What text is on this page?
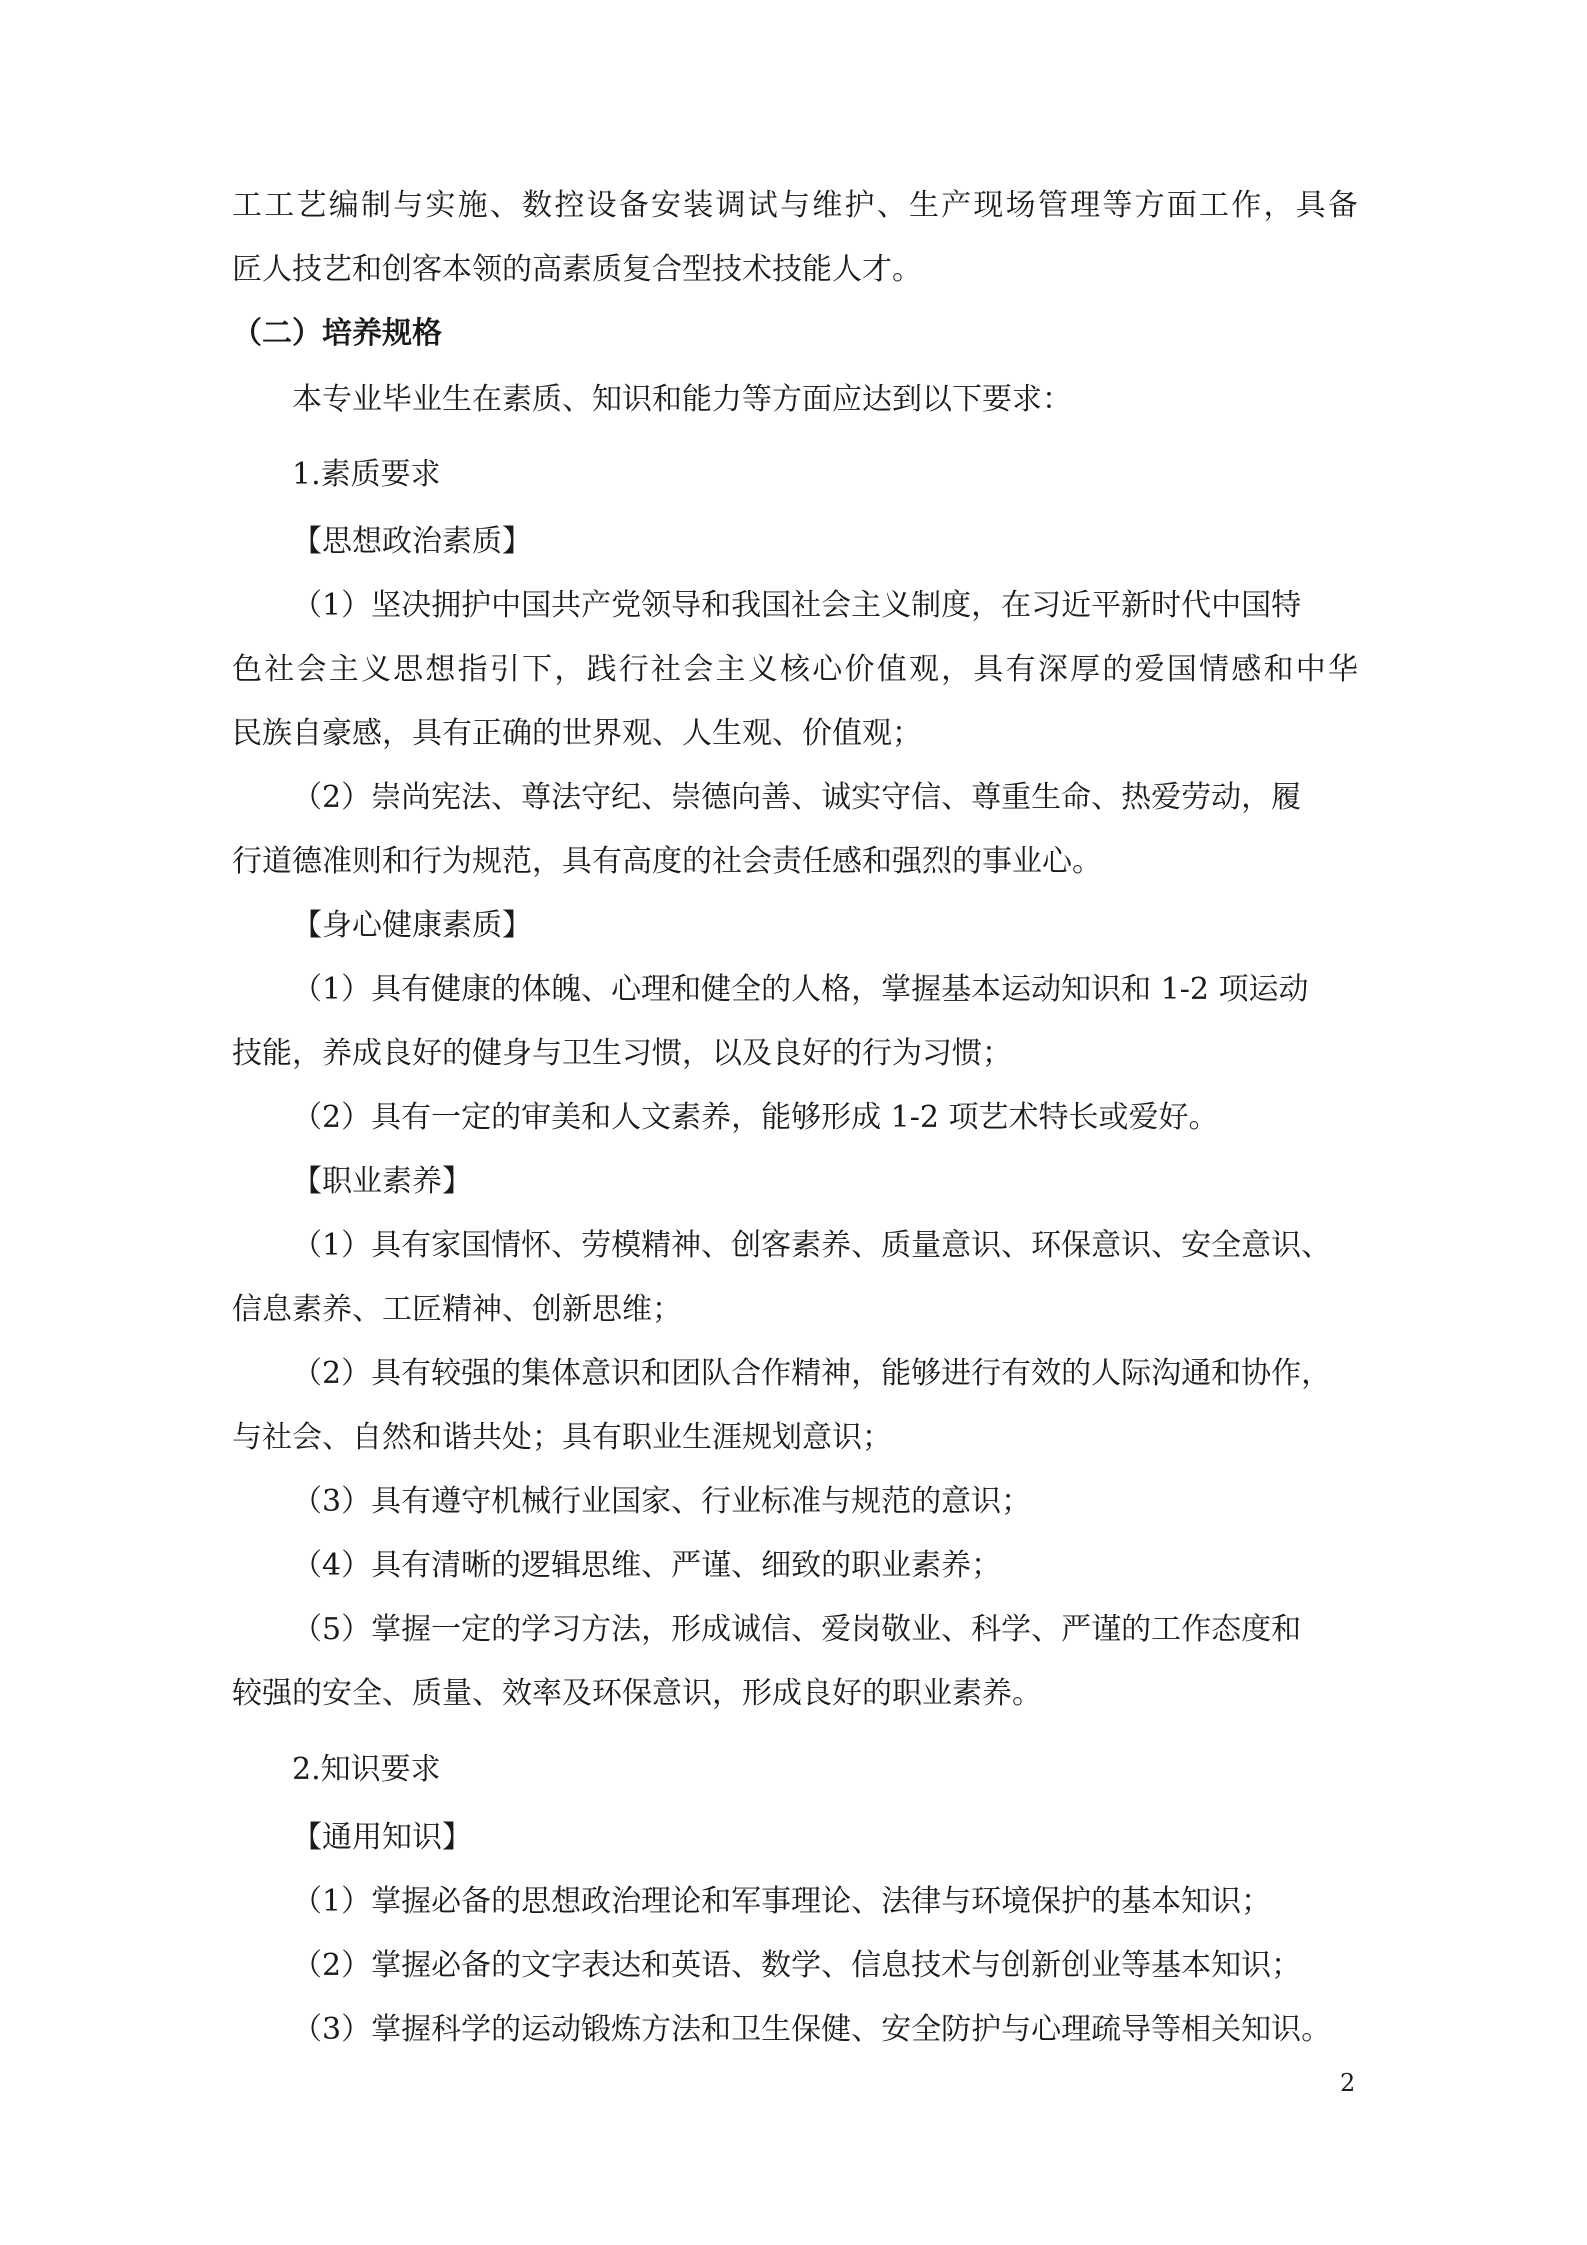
工工艺编制与实施、数控设备安装调试与维护、生产现场管理等方面工作，具备
匠人技艺和创客本领的高素质复合型技术技能人才。
（二）培养规格
本专业毕业生在素质、知识和能力等方面应达到以下要求：
1.素质要求
【思想政治素质】
（1）坚决拥护中国共产党领导和我国社会主义制度，在习近平新时代中国特
色社会主义思想指引下，践行社会主义核心价值观，具有深厚的爱国情感和中华
民族自豪感，具有正确的世界观、人生观、价值观；
（2）崇尚宪法、尊法守纪、崇德向善、诚实守信、尊重生命、热爱劳动，履
行道德准则和行为规范，具有高度的社会责任感和强烈的事业心。
【身心健康素质】
（1）具有健康的体魄、心理和健全的人格，掌握基本运动知识和 1-2 项运动
技能，养成良好的健身与卫生习惯，以及良好的行为习惯；
（2）具有一定的审美和人文素养，能够形成 1-2 项艺术特长或爱好。
【职业素养】
（1）具有家国情怀、劳模精神、创客素养、质量意识、环保意识、安全意识、
信息素养、工匠精神、创新思维；
（2）具有较强的集体意识和团队合作精神，能够进行有效的人际沟通和协作，
与社会、自然和谐共处；具有职业生涯规划意识；
（3）具有遵守机械行业国家、行业标准与规范的意识；
（4）具有清晰的逻辑思维、严谨、细致的职业素养；
（5）掌握一定的学习方法，形成诚信、爱岗敬业、科学、严谨的工作态度和
较强的安全、质量、效率及环保意识，形成良好的职业素养。
2.知识要求
【通用知识】
（1）掌握必备的思想政治理论和军事理论、法律与环境保护的基本知识；
（2）掌握必备的文字表达和英语、数学、信息技术与创新创业等基本知识；
（3）掌握科学的运动锻炼方法和卫生保健、安全防护与心理疏导等相关知识。
2
